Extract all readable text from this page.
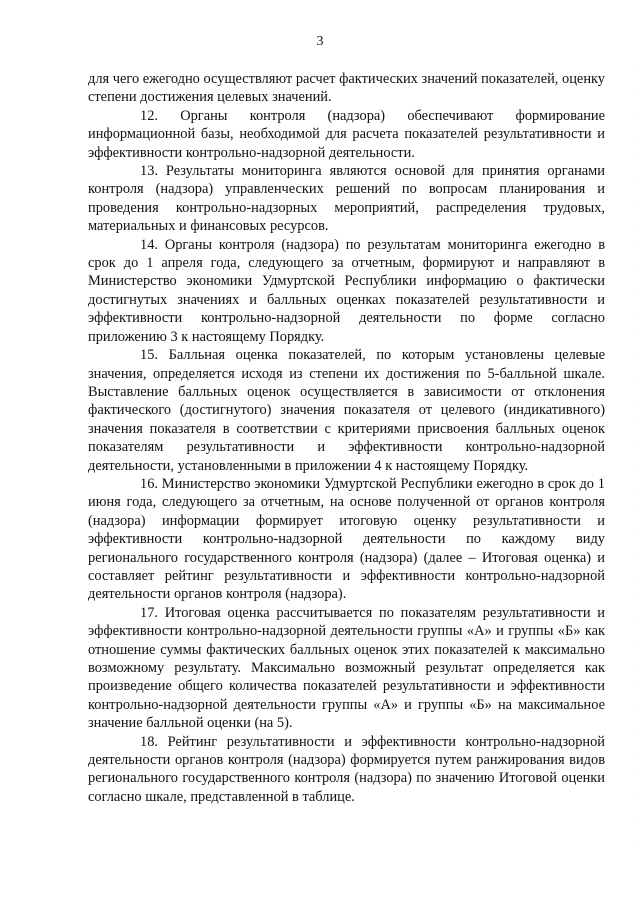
3

для чего ежегодно осуществляют расчет фактических значений показателей, оценку степени достижения целевых значений.

12. Органы контроля (надзора) обеспечивают формирование информационной базы, необходимой для расчета показателей результативности и эффективности контрольно-надзорной деятельности.

13. Результаты мониторинга являются основой для принятия органами контроля (надзора) управленческих решений по вопросам планирования и проведения контрольно-надзорных мероприятий, распределения трудовых, материальных и финансовых ресурсов.

14. Органы контроля (надзора) по результатам мониторинга ежегодно в срок до 1 апреля года, следующего за отчетным, формируют и направляют в Министерство экономики Удмуртской Республики информацию о фактически достигнутых значениях и балльных оценках показателей результативности и эффективности контрольно-надзорной деятельности по форме согласно приложению 3 к настоящему Порядку.

15. Балльная оценка показателей, по которым установлены целевые значения, определяется исходя из степени их достижения по 5-балльной шкале. Выставление балльных оценок осуществляется в зависимости от отклонения фактического (достигнутого) значения показателя от целевого (индикативного) значения показателя в соответствии с критериями присвоения балльных оценок показателям результативности и эффективности контрольно-надзорной деятельности, установленными в приложении 4 к настоящему Порядку.

16. Министерство экономики Удмуртской Республики ежегодно в срок до 1 июня года, следующего за отчетным, на основе полученной от органов контроля (надзора) информации формирует итоговую оценку результативности и эффективности контрольно-надзорной деятельности по каждому виду регионального государственного контроля (надзора) (далее – Итоговая оценка) и составляет рейтинг результативности и эффективности контрольно-надзорной деятельности органов контроля (надзора).

17. Итоговая оценка рассчитывается по показателям результативности и эффективности контрольно-надзорной деятельности группы «А» и группы «Б» как отношение суммы фактических балльных оценок этих показателей к максимально возможному результату. Максимально возможный результат определяется как произведение общего количества показателей результативности и эффективности контрольно-надзорной деятельности группы «А» и группы «Б» на максимальное значение балльной оценки (на 5).

18. Рейтинг результативности и эффективности контрольно-надзорной деятельности органов контроля (надзора) формируется путем ранжирования видов регионального государственного контроля (надзора) по значению Итоговой оценки согласно шкале, представленной в таблице.
